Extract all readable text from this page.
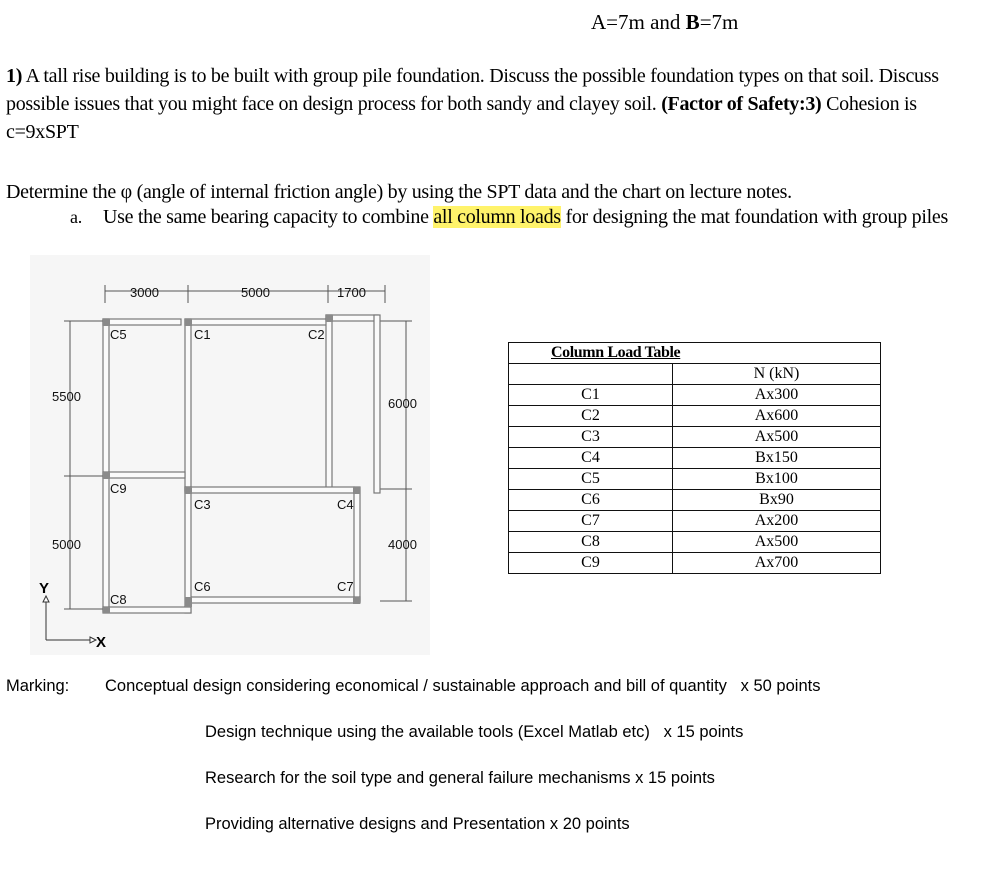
A=7m and B=7m
1) A tall rise building is to be built with group pile foundation. Discuss the possible foundation types on that soil. Discuss possible issues that you might face on design process for both sandy and clayey soil. (Factor of Safety:3) Cohesion is c=9xSPT
Determine the φ (angle of internal friction angle) by using the SPT data and the chart on lecture notes.
a. Use the same bearing capacity to combine all column loads for designing the mat foundation with group piles
3000	5000	1700
5500
5000
6000
4000
C5	C1	C2
C9
C3	C4
C6	C7
C8
Y
X
Column Load Table	
	N (kN)
C1	Ax300
C2	Ax600
C3	Ax500
C4	Bx150
C5	Bx100
C6	Bx90
C7	Ax200
C8	Ax500
C9	Ax700
Marking: Conceptual design considering economical / sustainable approach and bill of quantity   x 50 points
Design technique using the available tools (Excel Matlab etc)   x 15 points
Research for the soil type and general failure mechanisms x 15 points
Providing alternative designs and Presentation x 20 points
